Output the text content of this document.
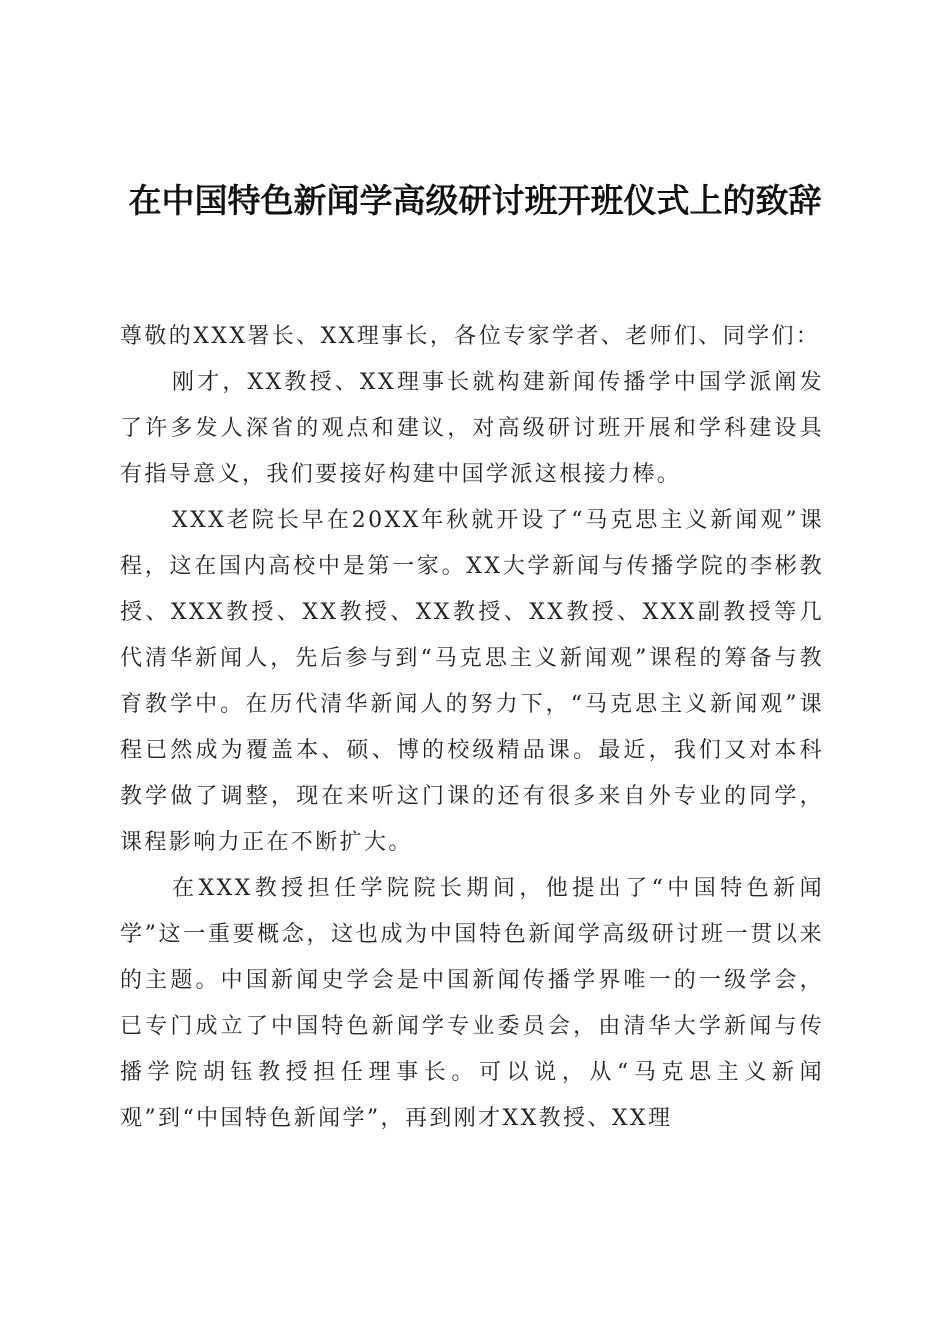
在中国特色新闻学高级研讨班开班仪式上的致辞

尊敬的XXX署长、XX理事长，各位专家学者、老师们、同学们：

刚才，XX教授、XX理事长就构建新闻传播学中国学派阐发了许多发人深省的观点和建议，对高级研讨班开展和学科建设具有指导意义，我们要接好构建中国学派这根接力棒。

XXX老院长早在20XX年秋就开设了“马克思主义新闻观”课程，这在国内高校中是第一家。XX大学新闻与传播学院的李彬教授、XXX教授、XX教授、XX教授、XX教授、XXX副教授等几代清华新闻人，先后参与到“马克思主义新闻观”课程的筹备与教育教学中。在历代清华新闻人的努力下，“马克思主义新闻观”课程已然成为覆盖本、硕、博的校级精品课。最近，我们又对本科教学做了调整，现在来听这门课的还有很多来自外专业的同学，课程影响力正在不断扩大。

在XXX教授担任学院院长期间，他提出了“中国特色新闻学”这一重要概念，这也成为中国特色新闻学高级研讨班一贯以来的主题。中国新闻史学会是中国新闻传播学界唯一的一级学会，已专门成立了中国特色新闻学专业委员会，由清华大学新闻与传播学院胡钰教授担任理事长。可以说，从“马克思主义新闻观”到“中国特色新闻学”，再到刚才XX教授、XX理
